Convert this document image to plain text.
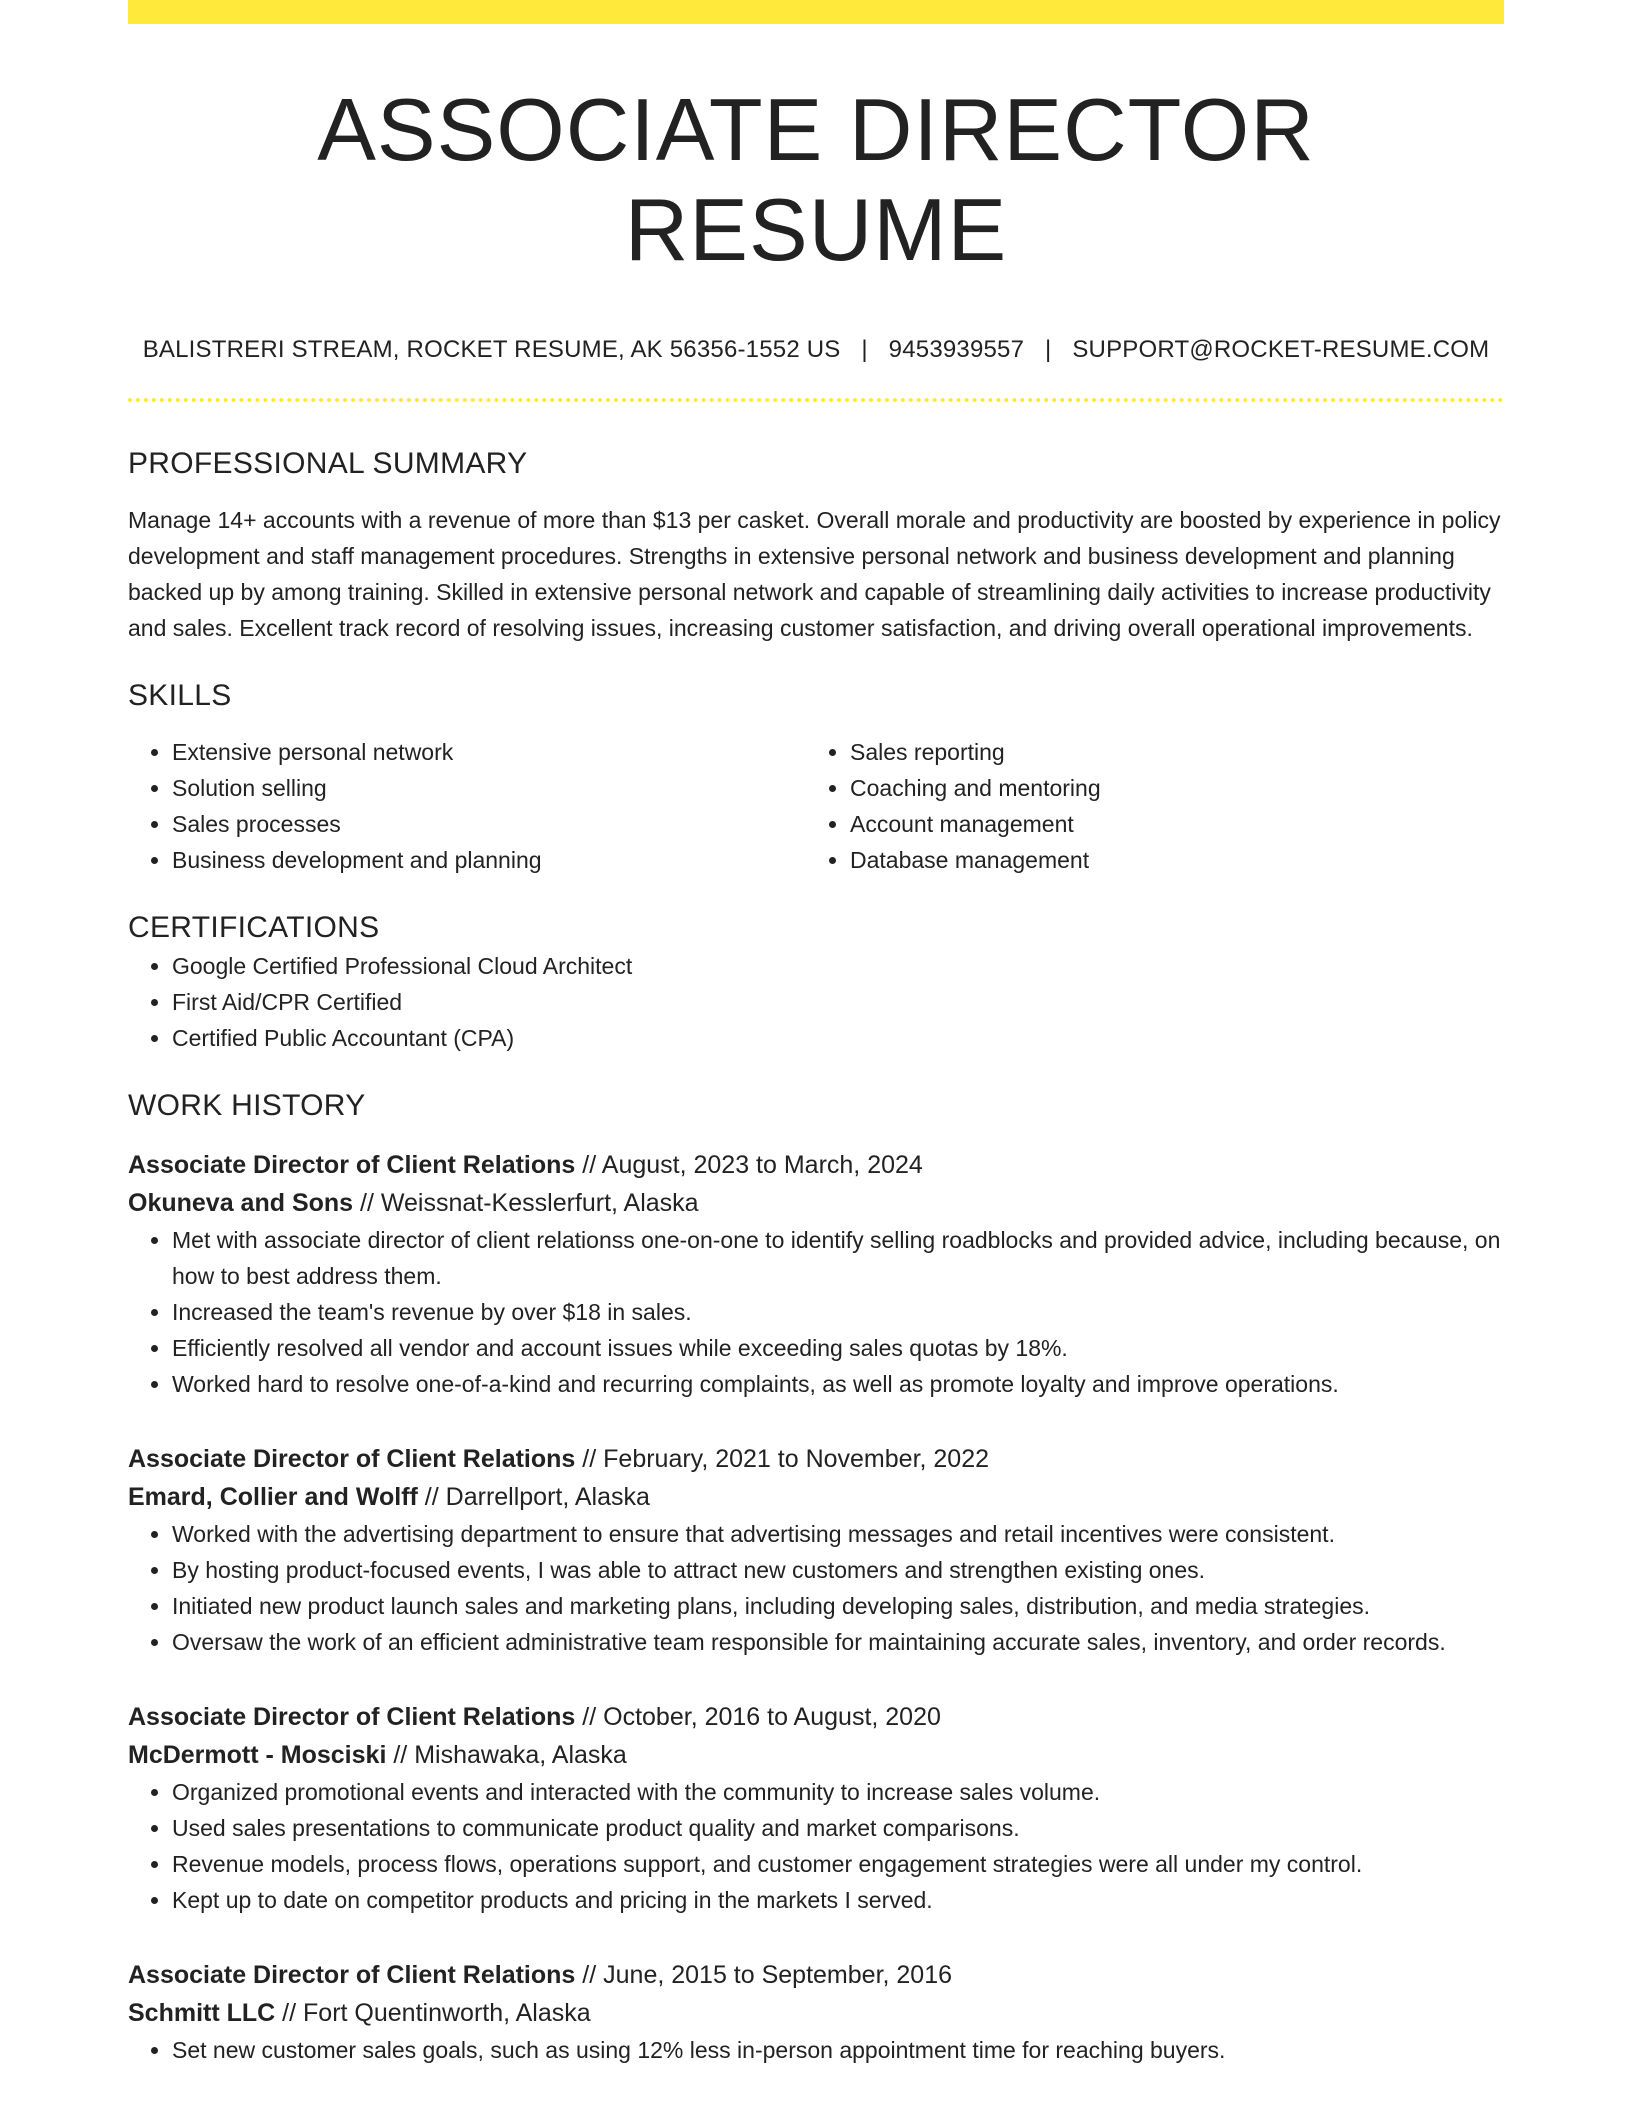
ASSOCIATE DIRECTOR RESUME
BALISTRERI STREAM, ROCKET RESUME, AK 56356-1552 US | 9453939557 | SUPPORT@ROCKET-RESUME.COM
PROFESSIONAL SUMMARY

Manage 14+ accounts with a revenue of more than $13 per casket. Overall morale and productivity are boosted by experience in policy development and staff management procedures. Strengths in extensive personal network and business development and planning backed up by among training. Skilled in extensive personal network and capable of streamlining daily activities to increase productivity and sales. Excellent track record of resolving issues, increasing customer satisfaction, and driving overall operational improvements.

SKILLS
• Extensive personal network
• Solution selling
• Sales processes
• Business development and planning
• Sales reporting
• Coaching and mentoring
• Account management
• Database management
CERTIFICATIONS
• Google Certified Professional Cloud Architect
• First Aid/CPR Certified
• Certified Public Accountant (CPA)
WORK HISTORY
Associate Director of Client Relations // August, 2023 to March, 2024
Okuneva and Sons // Weissnat-Kesslerfurt, Alaska
• Met with associate director of client relationss one-on-one to identify selling roadblocks and provided advice, including because, on how to best address them.
• Increased the team's revenue by over $18 in sales.
• Efficiently resolved all vendor and account issues while exceeding sales quotas by 18%.
• Worked hard to resolve one-of-a-kind and recurring complaints, as well as promote loyalty and improve operations.
Associate Director of Client Relations // February, 2021 to November, 2022
Emard, Collier and Wolff // Darrellport, Alaska
• Worked with the advertising department to ensure that advertising messages and retail incentives were consistent.
• By hosting product-focused events, I was able to attract new customers and strengthen existing ones.
• Initiated new product launch sales and marketing plans, including developing sales, distribution, and media strategies.
• Oversaw the work of an efficient administrative team responsible for maintaining accurate sales, inventory, and order records.
Associate Director of Client Relations // October, 2016 to August, 2020
McDermott - Mosciski // Mishawaka, Alaska
• Organized promotional events and interacted with the community to increase sales volume.
• Used sales presentations to communicate product quality and market comparisons.
• Revenue models, process flows, operations support, and customer engagement strategies were all under my control.
• Kept up to date on competitor products and pricing in the markets I served.
Associate Director of Client Relations // June, 2015 to September, 2016
Schmitt LLC // Fort Quentinworth, Alaska
• Set new customer sales goals, such as using 12% less in-person appointment time for reaching buyers.
